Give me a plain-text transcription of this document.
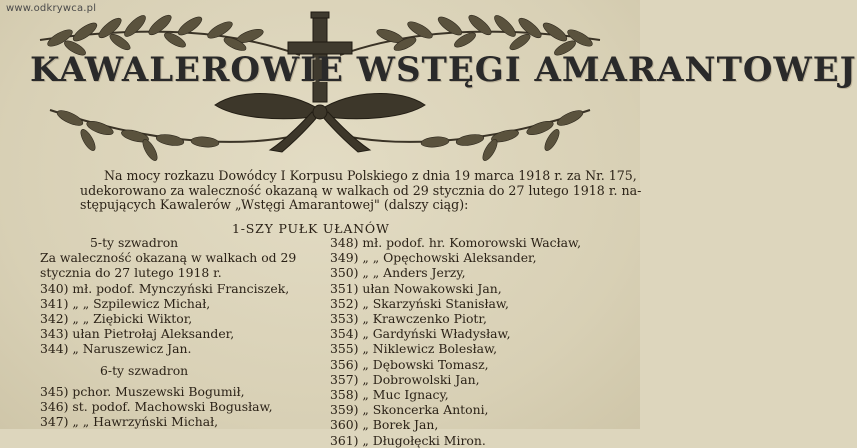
www.odkrywca.pl
KAWALEROWIE WSTĘGI AMARANTOWEJ
Na mocy rozkazu Dowódcy I Korpusu Polskiego z dnia 19 marca 1918 r. za Nr. 175,
udekorowano za waleczność okazaną w walkach od 29 stycznia do 27 lutego 1918 r. na-
stępujących Kawalerów „Wstęgi Amarantowej" (dalszy ciąg):
1-SZY PUŁK UŁANÓW
5-ty szwadron
Za waleczność okazaną w walkach od 29
stycznia do 27 lutego 1918 r.
340) mł. podof. Mynczyński Franciszek,
341) „ „ Szpilewicz Michał,
342) „ „ Ziębicki Wiktor,
343) ułan Pietrołaj Aleksander,
344) „ Naruszewicz Jan.
6-ty szwadron
345) pchor. Muszewski Bogumił,
346) st. podof. Machowski Bogusław,
347) „ „ Hawrzyński Michał,
348) mł. podof. hr. Komorowski Wacław,
349) „ „ Opęchowski Aleksander,
350) „ „ Anders Jerzy,
351) ułan Nowakowski Jan,
352) „ Skarzyński Stanisław,
353) „ Krawczenko Piotr,
354) „ Gardyński Władysław,
355) „ Niklewicz Bolesław,
356) „ Dębowski Tomasz,
357) „ Dobrowolski Jan,
358) „ Muc Ignacy,
359) „ Skoncerka Antoni,
360) „ Borek Jan,
361) „ Długołęcki Miron.
